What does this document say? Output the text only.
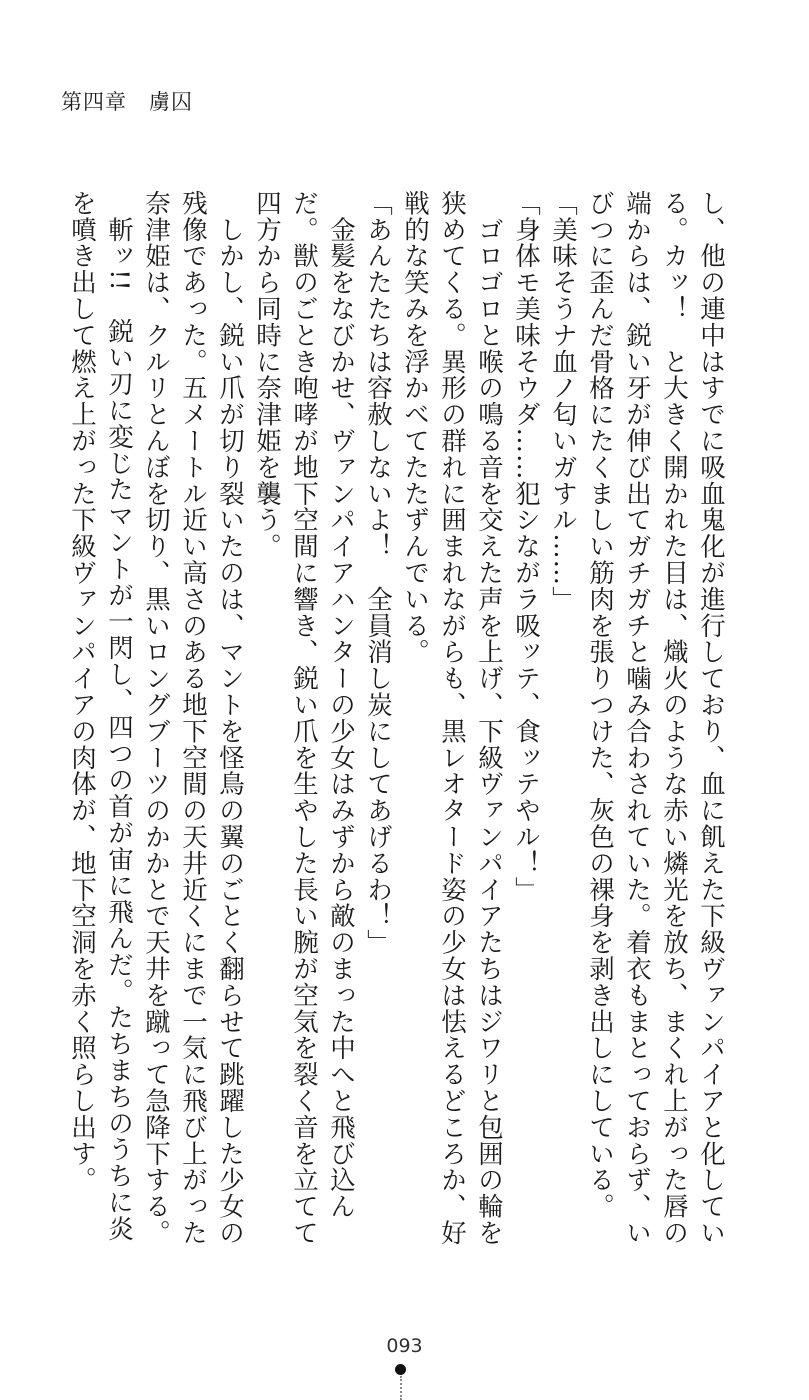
第四章　虜囚
し、他の連中はすでに吸血鬼化が進行しており、血に飢えた下級ヴァンパイアと化してい
る。カッ！　と大きく開かれた目は、熾火のような赤い燐光を放ち、まくれ上がった唇の
端からは、鋭い牙が伸び出てガチガチと噛み合わされていた。着衣もまとっておらず、い
びつに歪んだ骨格にたくましい筋肉を張りつけた、灰色の裸身を剥き出しにしている。
「美味そうナ血ノ匂いガすル……」
「身体モ美味そウダ……犯シながラ吸ッテ、食ッテやル！」
　ゴロゴロと喉の鳴る音を交えた声を上げ、下級ヴァンパイアたちはジワリと包囲の輪を
狭めてくる。異形の群れに囲まれながらも、黒レオタード姿の少女は怯えるどころか、好
戦的な笑みを浮かべてたたずんでいる。
「あんたたちは容赦しないよ！　全員消し炭にしてあげるわ！」
　金髪をなびかせ、ヴァンパイアハンターの少女はみずから敵のまった中へと飛び込ん
だ。獣のごとき咆哮が地下空間に響き、鋭い爪を生やした長い腕が空気を裂く音を立てて
四方から同時に奈津姫を襲う。
　しかし、鋭い爪が切り裂いたのは、マントを怪鳥の翼のごとく翻らせて跳躍した少女の
残像であった。五メートル近い高さのある地下空間の天井近くにまで一気に飛び上がった
奈津姫は、クルリとんぼを切り、黒いロングブーツのかかとで天井を蹴って急降下する。
　斬ッ!!　鋭い刃に変じたマントが一閃し、四つの首が宙に飛んだ。たちまちのうちに炎
を噴き出して燃え上がった下級ヴァンパイアの肉体が、地下空洞を赤く照らし出す。
093
